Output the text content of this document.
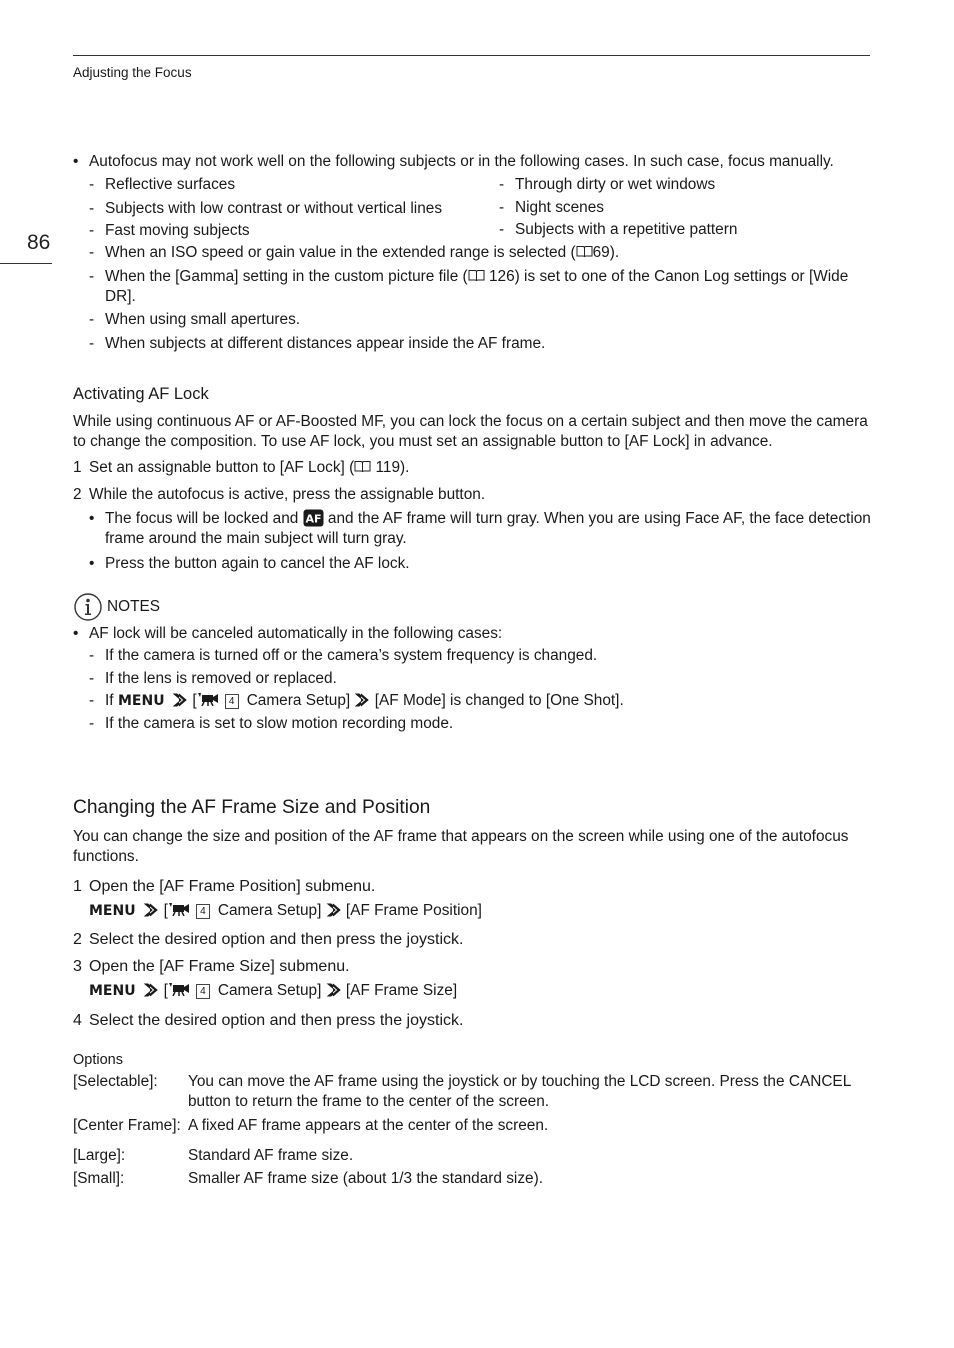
Adjusting the Focus
86
• Autofocus may not work well on the following subjects or in the following cases. In such case, focus manually.
- Reflective surfaces
- Subjects with low contrast or without vertical lines
- Fast moving subjects
- Through dirty or wet windows
- Night scenes
- Subjects with a repetitive pattern
- When an ISO speed or gain value in the extended range is selected ( 69).
- When the [Gamma] setting in the custom picture file ( 126) is set to one of the Canon Log settings or [Wide DR].
- When using small apertures.
- When subjects at different distances appear inside the AF frame.
Activating AF Lock
While using continuous AF or AF-Boosted MF, you can lock the focus on a certain subject and then move the camera to change the composition. To use AF lock, you must set an assignable button to [AF Lock] in advance.
1 Set an assignable button to [AF Lock] ( 119).
2 While the autofocus is active, press the assignable button.
• The focus will be locked and AF and the AF frame will turn gray. When you are using Face AF, the face detection frame around the main subject will turn gray.
• Press the button again to cancel the AF lock.
NOTES
• AF lock will be canceled automatically in the following cases:
- If the camera is turned off or the camera’s system frequency is changed.
- If the lens is removed or replaced.
- If MENU [	4 Camera Setup] [AF Mode] is changed to [One Shot].
- If the camera is set to slow motion recording mode.
Changing the AF Frame Size and Position
You can change the size and position of the AF frame that appears on the screen while using one of the autofocus functions.
1 Open the [AF Frame Position] submenu.
MENU [	4 Camera Setup] [AF Frame Position]
2 Select the desired option and then press the joystick.
3 Open the [AF Frame Size] submenu.
MENU [	4 Camera Setup] [AF Frame Size]
4 Select the desired option and then press the joystick.
Options
[Selectable]:	You can move the AF frame using the joystick or by touching the LCD screen. Press the CANCEL button to return the frame to the center of the screen.
[Center Frame]: A fixed AF frame appears at the center of the screen.
[Large]:	Standard AF frame size.
[Small]:	Smaller AF frame size (about 1/3 the standard size).
